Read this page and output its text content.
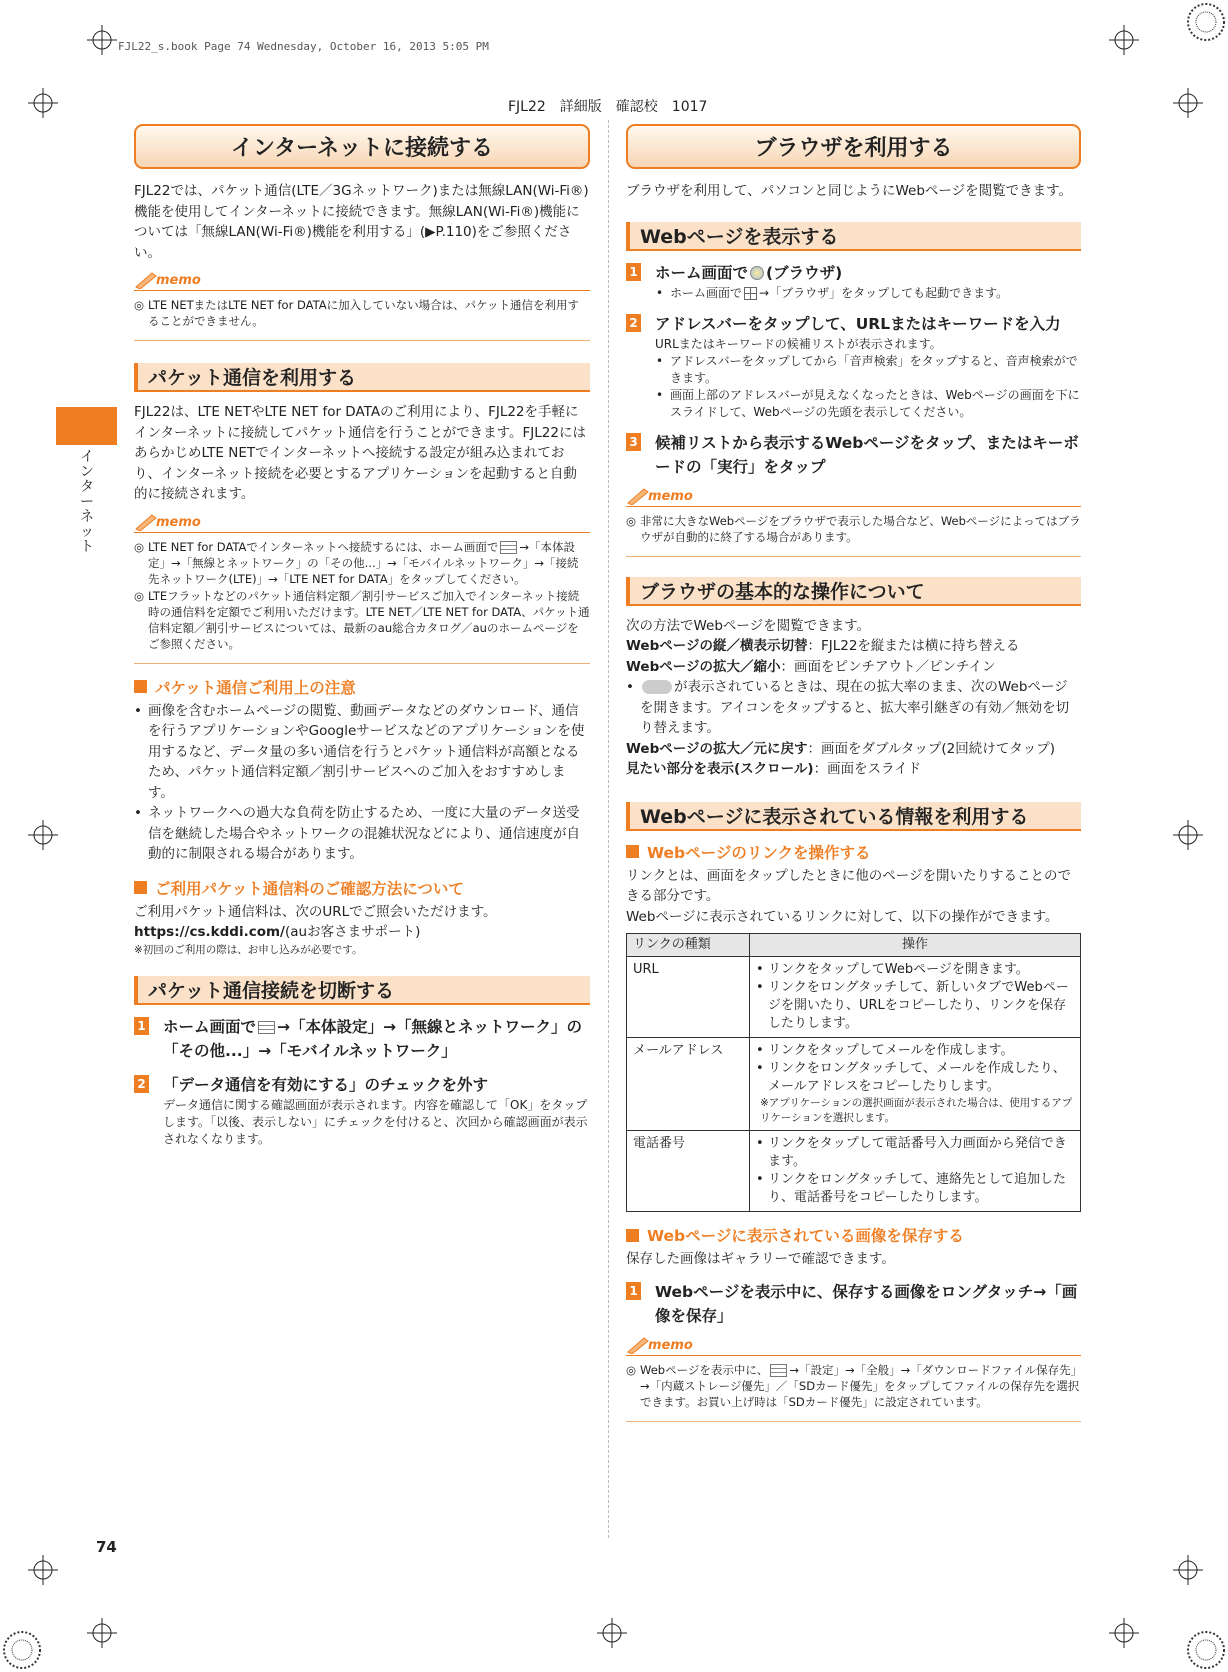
FJL22_s.book Page 74 Wednesday, October 16, 2013 5:05 PM
FJL22　詳細版　確認校　1017
イ
ン
タ
ー
ネ
ッ
ト
74
インターネットに接続する
FJL22では、パケット通信(LTE／3Gネットワーク)または無線LAN(Wi-Fi®)機能を使用してインターネットに接続できます。無線LAN(Wi-Fi®)機能については「無線LAN(Wi-Fi®)機能を利用する」(▶P.110)をご参照ください。
memo
◎ LTE NETまたはLTE NET for DATAに加入していない場合は、パケット通信を利用することができません。
パケット通信を利用する
FJL22は、LTE NETやLTE NET for DATAのご利用により、FJL22を手軽にインターネットに接続してパケット通信を行うことができます。FJL22にはあらかじめLTE NETでインターネットへ接続する設定が組み込まれており、インターネット接続を必要とするアプリケーションを起動すると自動的に接続されます。
memo
◎ LTE NET for DATAでインターネットへ接続するには、ホーム画面で →「本体設定」→「無線とネットワーク」の「その他...」→「モバイルネットワーク」→「接続先ネットワーク(LTE)」→「LTE NET for DATA」をタップしてください。
◎ LTEフラットなどのパケット通信料定額／割引サービスご加入でインターネット接続時の通信料を定額でご利用いただけます。LTE NET／LTE NET for DATA、パケット通信料定額／割引サービスについては、最新のau総合カタログ／auのホームページをご参照ください。
パケット通信ご利用上の注意
• 画像を含むホームページの閲覧、動画データなどのダウンロード、通信を行うアプリケーションやGoogleサービスなどのアプリケーションを使用するなど、データ量の多い通信を行うとパケット通信料が高額となるため、パケット通信料定額／割引サービスへのご加入をおすすめします。
• ネットワークへの過大な負荷を防止するため、一度に大量のデータ送受信を継続した場合やネットワークの混雑状況などにより、通信速度が自動的に制限される場合があります。
ご利用パケット通信料のご確認方法について
ご利用パケット通信料は、次のURLでご照会いただけます。
https://cs.kddi.com/(auお客さまサポート)
※初回のご利用の際は、お申し込みが必要です。
パケット通信接続を切断する
1 ホーム画面で →「本体設定」→「無線とネットワーク」の「その他...」→「モバイルネットワーク」
2 「データ通信を有効にする」のチェックを外す
データ通信に関する確認画面が表示されます。内容を確認して「OK」をタップします。「以後、表示しない」にチェックを付けると、次回から確認画面が表示されなくなります。
ブラウザを利用する
ブラウザを利用して、パソコンと同じようにWebページを閲覧できます。
Webページを表示する
1 ホーム画面で (ブラウザ)
• ホーム画面で →「ブラウザ」をタップしても起動できます。
2 アドレスバーをタップして、URLまたはキーワードを入力
URLまたはキーワードの候補リストが表示されます。
• アドレスバーをタップしてから「音声検索」をタップすると、音声検索ができます。
• 画面上部のアドレスバーが見えなくなったときは、Webページの画面を下にスライドして、Webページの先頭を表示してください。
3 候補リストから表示するWebページをタップ、またはキーボードの「実行」をタップ
memo
◎ 非常に大きなWebページをブラウザで表示した場合など、Webページによってはブラウザが自動的に終了する場合があります。
ブラウザの基本的な操作について
次の方法でWebページを閲覧できます。
Webページの縦／横表示切替：FJL22を縦または横に持ち替える
Webページの拡大／縮小：画面をピンチアウト／ピンチイン
•	が表示されているときは、現在の拡大率のまま、次のWebページを開きます。アイコンをタップすると、拡大率引継ぎの有効／無効を切り替えます。
Webページの拡大／元に戻す：画面をダブルタップ(2回続けてタップ)
見たい部分を表示(スクロール)：画面をスライド
Webページに表示されている情報を利用する
Webページのリンクを操作する
リンクとは、画面をタップしたときに他のページを開いたりすることのできる部分です。
Webページに表示されているリンクに対して、以下の操作ができます。
リンクの種類	操作
URL	• リンクをタップしてWebページを開きます。
• リンクをロングタッチして、新しいタブでWebページを開いたり、URLをコピーしたり、リンクを保存したりします。

メールアドレス	• リンクをタップしてメールを作成します。
• リンクをロングタッチして、メールを作成したり、メールアドレスをコピーしたりします。
※アプリケーションの選択画面が表示された場合は、使用するアプリケーションを選択します。

電話番号	• リンクをタップして電話番号入力画面から発信できます。
• リンクをロングタッチして、連絡先として追加したり、電話番号をコピーしたりします。
Webページに表示されている画像を保存する
保存した画像はギャラリーで確認できます。
1 Webページを表示中に、保存する画像をロングタッチ→「画像を保存」
memo
◎ Webページを表示中に、 →「設定」→「全般」→「ダウンロードファイル保存先」→「内蔵ストレージ優先」／「SDカード優先」をタップしてファイルの保存先を選択できます。お買い上げ時は「SDカード優先」に設定されています。
